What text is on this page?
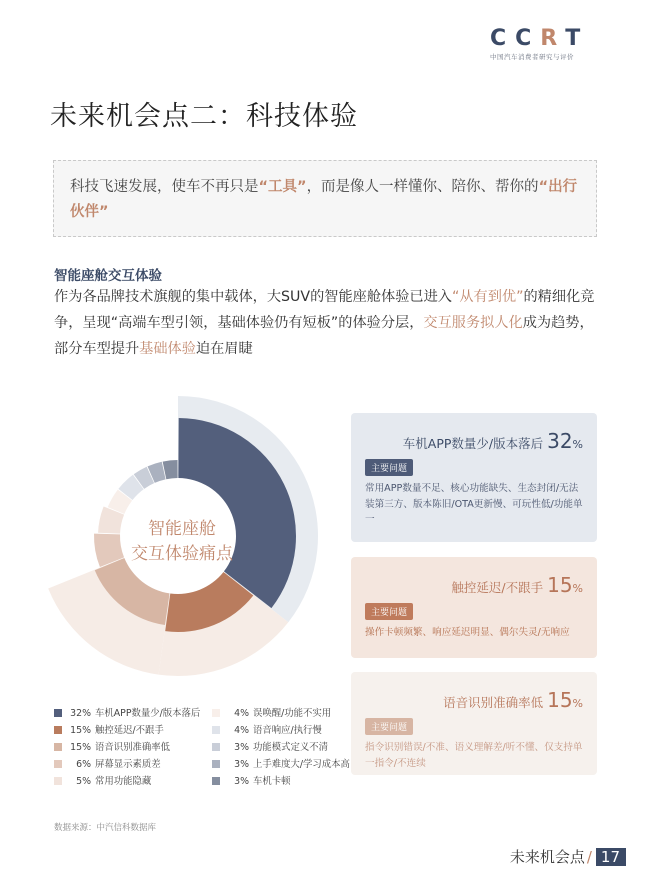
CCRT
中国汽车消费者研究与评价
未来机会点二：科技体验
科技飞速发展，使车不再只是“工具”，而是像人一样懂你、陪你、帮你的“出行伙伴”
智能座舱交互体验
作为各品牌技术旗舰的集中载体，大SUV的智能座舱体验已进入“从有到优”的精细化竞争，呈现“高端车型引领，基础体验仍有短板”的体验分层，交互服务拟人化成为趋势，部分车型提升基础体验迫在眉睫
智能座舱
交互体验痛点
32% 车机APP数量少/版本落后
15% 触控延迟/不跟手
15% 语音识别准确率低
6% 屏幕显示素质差
5% 常用功能隐藏
4% 误唤醒/功能不实用
4% 语音响应/执行慢
3% 功能模式定义不清
3% 上手难度大/学习成本高
3% 车机卡顿
车机APP数量少/版本落后 32%
主要问题
常用APP数量不足、核心功能缺失、生态封闭/无法装第三方、版本陈旧/OTA更新慢、可玩性低/功能单一
触控延迟/不跟手 15%
主要问题
操作卡顿频繁、响应延迟明显、偶尔失灵/无响应
语音识别准确率低 15%
主要问题
指令识别错误/不准、语义理解差/听不懂、仅支持单一指令/不连续
数据来源：中汽信科数据库
未来机会点 / 17
